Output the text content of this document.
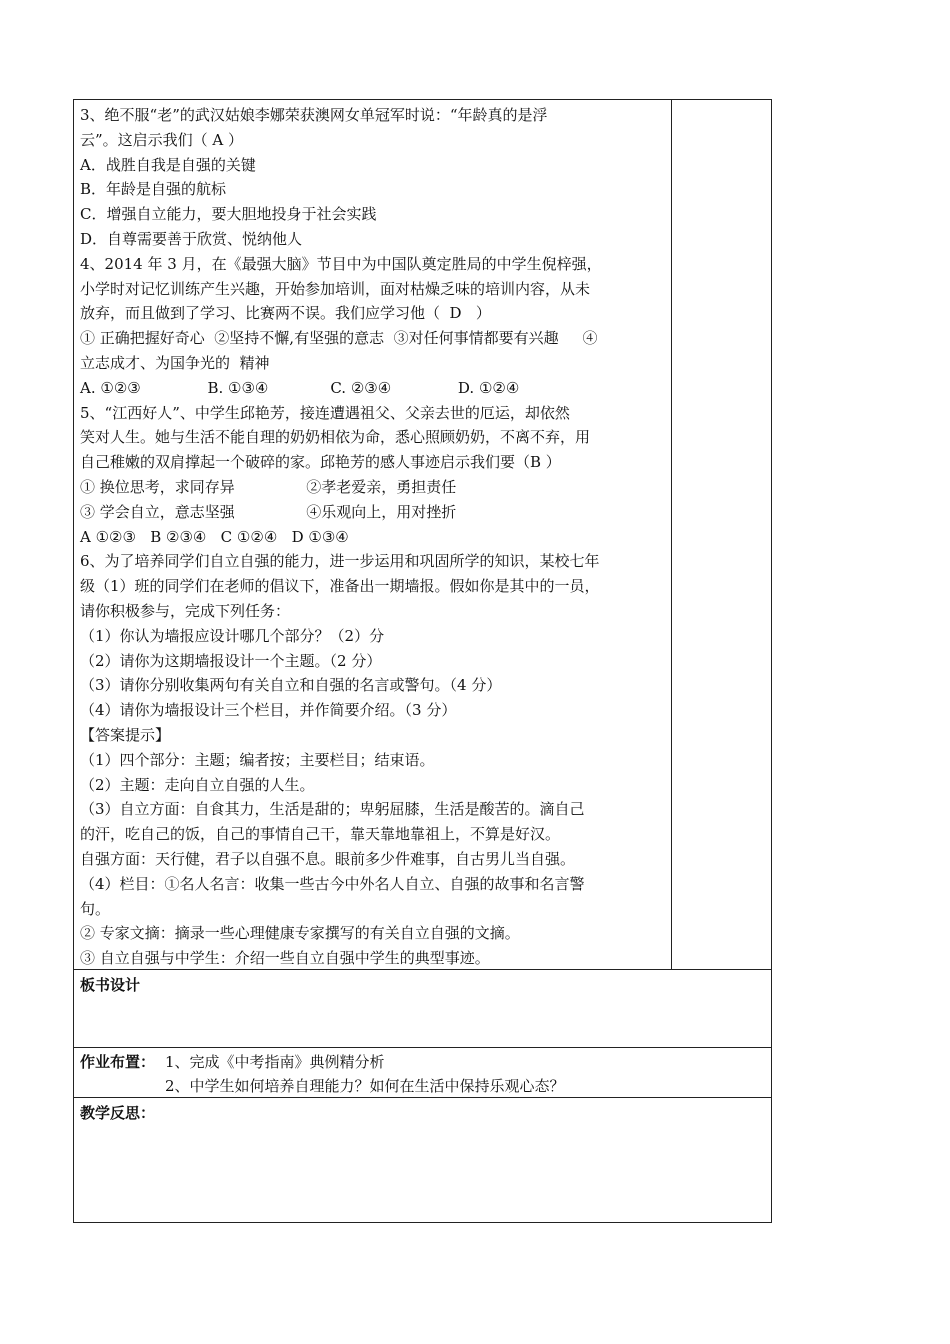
3、绝不服“老”的武汉姑娘李娜荣获澳网女单冠军时说：“年龄真的是浮

云”。这启示我们（ A ）

A．战胜自我是自强的关键

B．年龄是自强的航标

C．增强自立能力，要大胆地投身于社会实践

D．自尊需要善于欣赏、悦纳他人

4、2014 年 3 月，在《最强大脑》节目中为中国队奠定胜局的中学生倪梓强，

小学时对记忆训练产生兴趣，开始参加培训，面对枯燥乏味的培训内容，从未

放弃，而且做到了学习、比赛两不误。我们应学习他（  D   ）

① 正确把握好奇心  ②坚持不懈,有坚强的意志  ③对任何事情都要有兴趣     ④

立志成才、为国争光的  精神

A. ①②③              B. ①③④             C. ②③④              D. ①②④

5、“江西好人”、中学生邱艳芳，接连遭遇祖父、父亲去世的厄运，却依然

笑对人生。她与生活不能自理的奶奶相依为命，悉心照顾奶奶，不离不弃，用

自己稚嫩的双肩撑起一个破碎的家。邱艳芳的感人事迹启示我们要（B ）

① 换位思考，求同存异               ②孝老爱亲，勇担责任

③ 学会自立，意志坚强               ④乐观向上，用对挫折

A ①②③   B ②③④   C ①②④   D ①③④

6、为了培养同学们自立自强的能力，进一步运用和巩固所学的知识，某校七年

级（1）班的同学们在老师的倡议下，准备出一期墙报。假如你是其中的一员，

请你积极参与，完成下列任务：

（1）你认为墙报应设计哪几个部分？（2）分

（2）请你为这期墙报设计一个主题。（2 分）

（3）请你分别收集两句有关自立和自强的名言或警句。（4 分）

（4）请你为墙报设计三个栏目，并作简要介绍。（3 分）

【答案提示】

（1）四个部分：主题；编者按；主要栏目；结束语。

（2）主题：走向自立自强的人生。

（3）自立方面：自食其力，生活是甜的；卑躬屈膝，生活是酸苦的。滴自己

的汗，吃自己的饭，自己的事情自己干，靠天靠地靠祖上，不算是好汉。

自强方面：天行健，君子以自强不息。眼前多少件难事，自古男儿当自强。

（4）栏目：①名人名言：收集一些古今中外名人自立、自强的故事和名言警

句。

② 专家文摘：摘录一些心理健康专家撰写的有关自立自强的文摘。

③ 自立自强与中学生：介绍一些自立自强中学生的典型事迹。

板书设计
作业布置： 1、完成《中考指南》典例精分析
2、中学生如何培养自理能力？如何在生活中保持乐观心态？
教学反思：
